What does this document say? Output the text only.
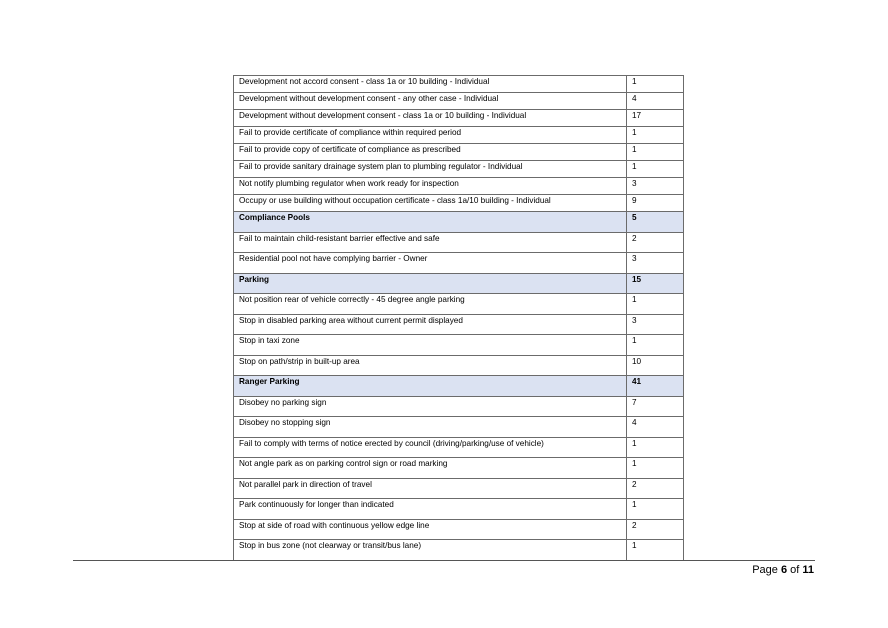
Development not accord consent - class 1a or 10 building - Individual	1
Development without development consent - any other case - Individual	4
Development without development consent - class 1a or 10 building - Individual	17
Fail to provide certificate of compliance within required period	1
Fail to provide copy of certificate of compliance as prescribed	1
Fail to provide sanitary drainage system plan to plumbing regulator - Individual	1
Not notify plumbing regulator when work ready for inspection	3
Occupy or use building without occupation certificate - class 1a/10 building - Individual	9
Compliance Pools	5
Fail to maintain child-resistant barrier effective and safe	2
Residential pool not have complying barrier - Owner	3
Parking	15
Not position rear of vehicle correctly - 45 degree angle parking	1
Stop in disabled parking area without current permit displayed	3
Stop in taxi zone	1
Stop on path/strip in built-up area	10
Ranger Parking	41
Disobey no parking sign	7
Disobey no stopping sign	4
Fail to comply with terms of notice erected by council (driving/parking/use of vehicle)	1
Not angle park as on parking control sign or road marking	1
Not parallel park in direction of travel	2
Park continuously for longer than indicated	1
Stop at side of road with continuous yellow edge line	2
Stop in bus zone (not clearway or transit/bus lane)	1
Page 6 of 11
